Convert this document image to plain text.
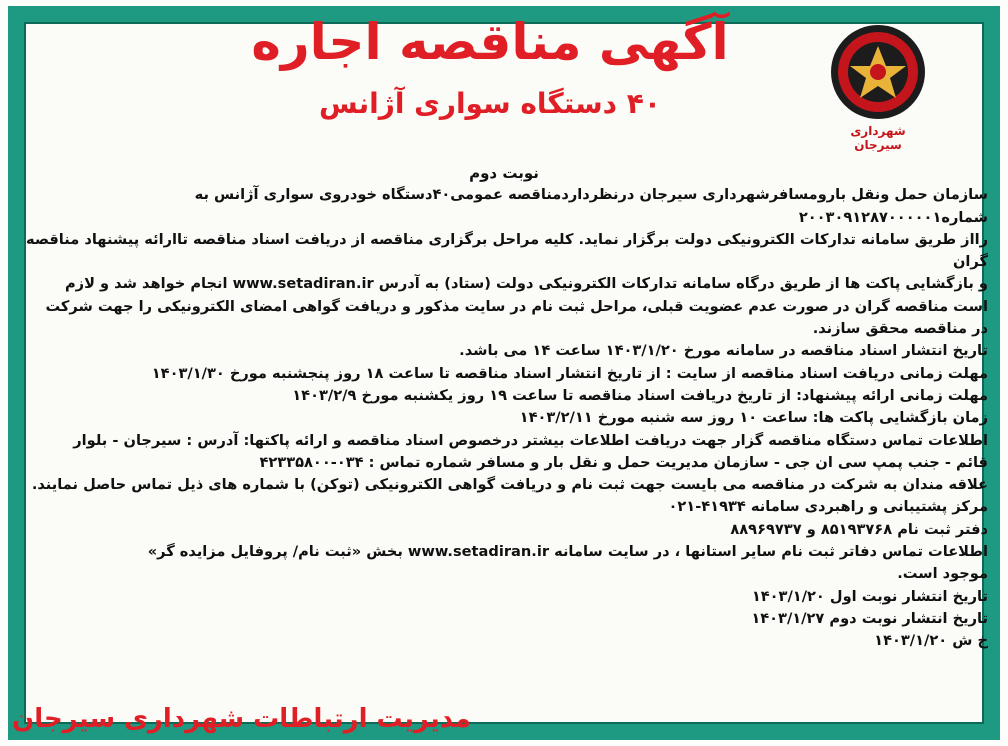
آگهی مناقصه اجاره
۴۰ دستگاه سواری آژانس
شهرداری سیرجان

نوبت دوم

سازمان حمل ونقل بارومسافرشهرداری سیرجان درنظرداردمناقصه عمومی۴۰دستگاه خودروی سواری آژانس به شماره۲۰۰۳۰۹۱۲۸۷۰۰۰۰۰۱

رااز طریق سامانه تدارکات الکترونیکی دولت برگزار نماید. کلیه مراحل برگزاری مناقصه از دریافت اسناد مناقصه تاارائه پیشنهاد مناقصه گران

و بازگشایی پاکت ها از طریق درگاه سامانه تدارکات الکترونیکی دولت (ستاد) به آدرس www.setadiran.ir انجام خواهد شد و لازم

است مناقصه گران در صورت عدم عضویت قبلی، مراحل ثبت نام در سایت مذکور و دریافت گواهی امضای الکترونیکی را جهت شرکت

در مناقصه محقق سازند.

تاریخ انتشار اسناد مناقصه در سامانه مورخ ۱۴۰۳/۱/۲۰ ساعت ۱۴ می باشد.

مهلت زمانی دریافت اسناد مناقصه از سایت : از تاریخ انتشار اسناد مناقصه تا ساعت ۱۸ روز پنجشنبه مورخ ۱۴۰۳/۱/۳۰

مهلت زمانی ارائه پیشنهاد: از تاریخ دریافت اسناد مناقصه تا ساعت ۱۹ روز یکشنبه مورخ ۱۴۰۳/۲/۹

زمان بازگشایی پاکت ها: ساعت ۱۰ روز سه شنبه مورخ ۱۴۰۳/۲/۱۱

اطلاعات تماس دستگاه مناقصه گزار جهت دریافت اطلاعات بیشتر درخصوص اسناد مناقصه و ارائه پاکتها: آدرس : سیرجان - بلوار

قائم - جنب پمپ سی ان جی - سازمان مدیریت حمل و نقل بار و مسافر شماره تماس : ۰۳۴-۴۲۳۳۵۸۰۰

علاقه مندان به شرکت در مناقصه می بایست جهت ثبت نام و دریافت گواهی الکترونیکی (توکن) با شماره های ذیل تماس حاصل نمایند.

مرکز پشتیبانی و راهبردی سامانه ۴۱۹۳۴-۰۲۱

دفتر ثبت نام ۸۵۱۹۳۷۶۸ و ۸۸۹۶۹۷۳۷

اطلاعات تماس دفاتر ثبت نام سایر استانها ، در سایت سامانه www.setadiran.ir بخش «ثبت نام/ پروفایل مزایده گر»

موجود است.

تاریخ انتشار نوبت اول ۱۴۰۳/۱/۲۰

تاریخ انتشار نوبت دوم ۱۴۰۳/۱/۲۷

خ ش ۱۴۰۳/۱/۲۰

مدیریت ارتباطات شهرداری سیرجان
